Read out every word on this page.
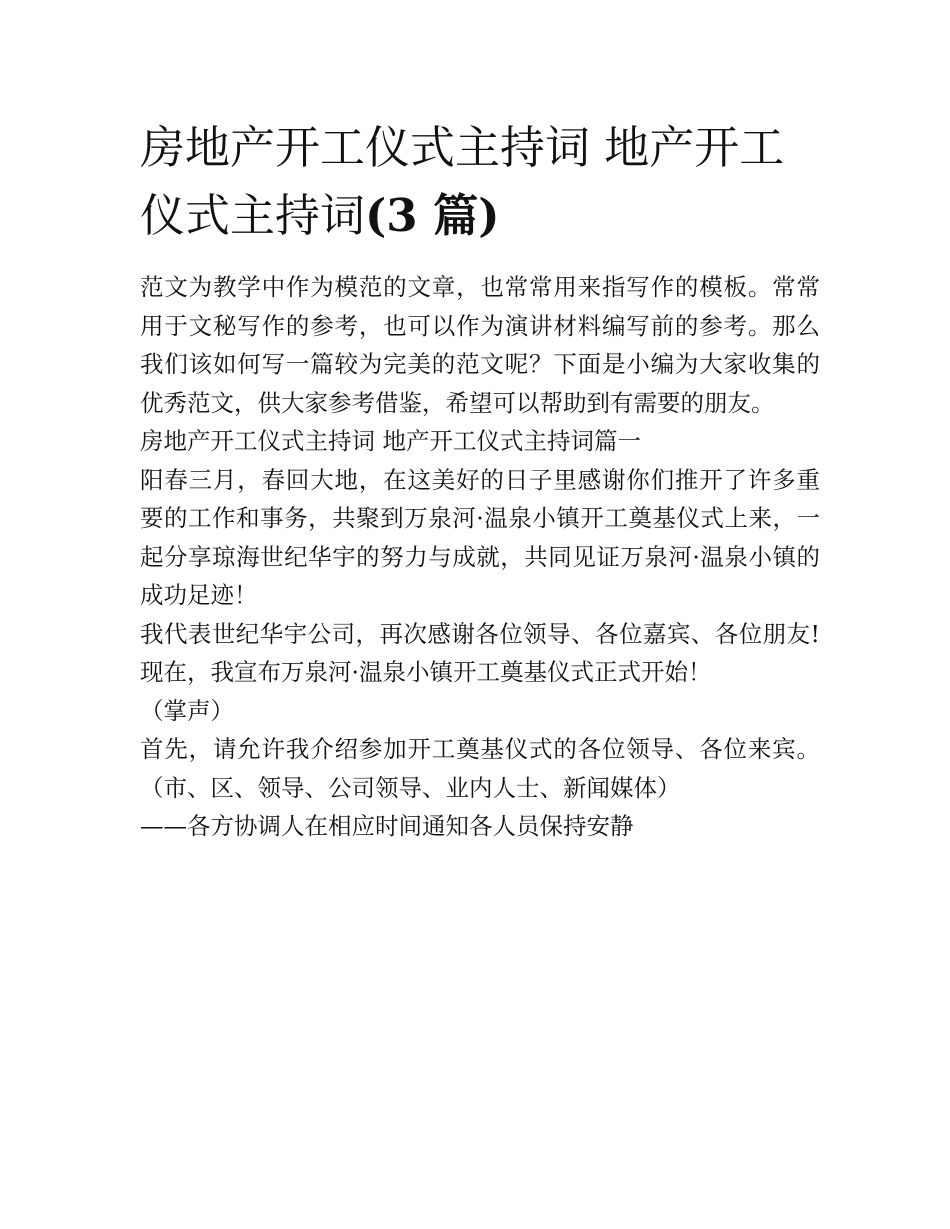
房地产开工仪式主持词 地产开工仪式主持词(3 篇)

范文为教学中作为模范的文章，也常常用来指写作的模板。常常用于文秘写作的参考，也可以作为演讲材料编写前的参考。那么我们该如何写一篇较为完美的范文呢？下面是小编为大家收集的优秀范文，供大家参考借鉴，希望可以帮助到有需要的朋友。

房地产开工仪式主持词 地产开工仪式主持词篇一

阳春三月，春回大地，在这美好的日子里感谢你们推开了许多重要的工作和事务，共聚到万泉河·温泉小镇开工奠基仪式上来，一起分享琼海世纪华宇的努力与成就，共同见证万泉河·温泉小镇的成功足迹！

我代表世纪华宇公司，再次感谢各位领导、各位嘉宾、各位朋友! 现在，我宣布万泉河·温泉小镇开工奠基仪式正式开始！

（掌声）

首先，请允许我介绍参加开工奠基仪式的各位领导、各位来宾。（市、区、领导、公司领导、业内人士、新闻媒体）

——各方协调人在相应时间通知各人员保持安静
